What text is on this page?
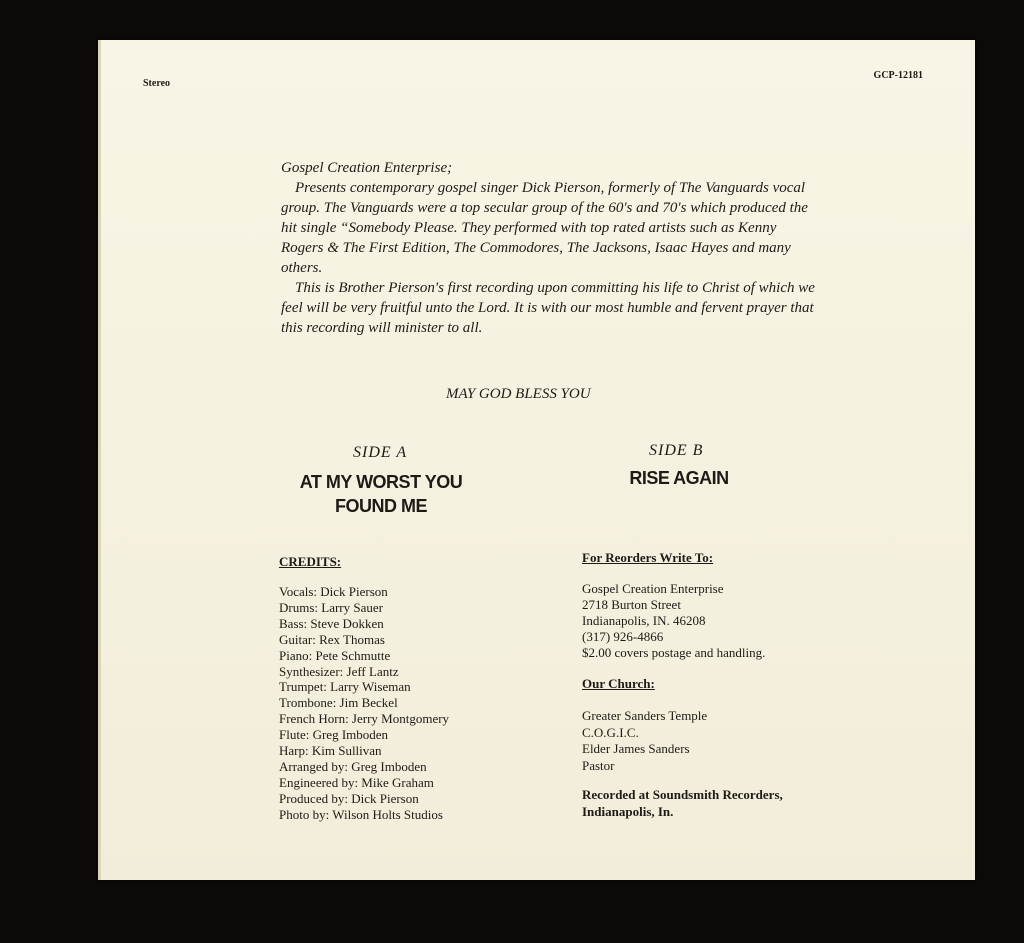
Stereo
GCP-12181

Gospel Creation Enterprise;

Presents contemporary gospel singer Dick Pierson, formerly of The Vanguards vocal group. The Vanguards were a top secular group of the 60's and 70's which produced the hit single “Somebody Please. They performed with top rated artists such as Kenny Rogers & The First Edition, The Commodores, The Jacksons, Isaac Hayes and many others.

This is Brother Pierson's first recording upon committing his life to Christ of which we feel will be very fruitful unto the Lord. It is with our most humble and fervent prayer that this recording will minister to all.

MAY GOD BLESS YOU
SIDE A	SIDE B
AT MY WORST YOU FOUND ME
RISE AGAIN
CREDITS:
Vocals: Dick Pierson
Drums: Larry Sauer
Bass: Steve Dokken
Guitar: Rex Thomas
Piano: Pete Schmutte
Synthesizer: Jeff Lantz
Trumpet: Larry Wiseman
Trombone: Jim Beckel
French Horn: Jerry Montgomery
Flute: Greg Imboden
Harp: Kim Sullivan
Arranged by: Greg Imboden
Engineered by: Mike Graham
Produced by: Dick Pierson
Photo by: Wilson Holts Studios
For Reorders Write To:
Gospel Creation Enterprise
2718 Burton Street
Indianapolis, IN. 46208
(317) 926-4866
$2.00 covers postage and handling.
Our Church:
Greater Sanders Temple
C.O.G.I.C.
Elder James Sanders
Pastor
Recorded at Soundsmith Recorders,
Indianapolis, In.
